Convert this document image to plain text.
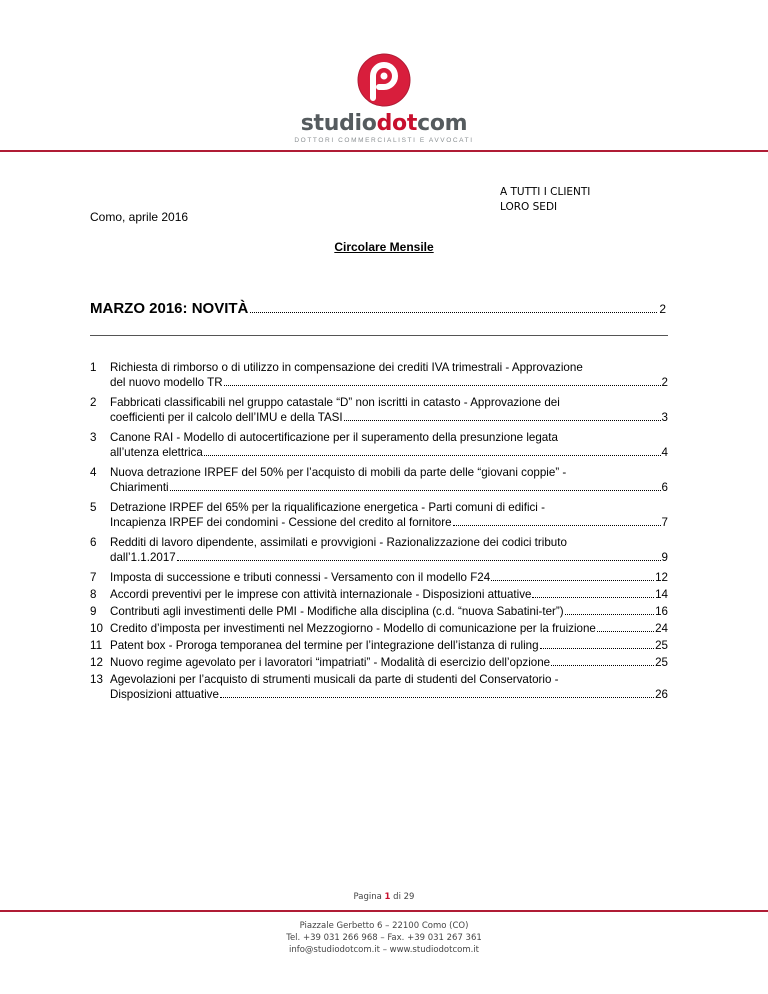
studiodotcom
DOTTORI COMMERCIALISTI E AVVOCATI
A TUTTI I CLIENTI
LORO SEDI
Como, aprile 2016
Circolare Mensile
MARZO 2016: NOVITÀ	2
1	Richiesta di rimborso o di utilizzo in compensazione dei crediti IVA trimestrali - Approvazione
del nuovo modello TR	2
2	Fabbricati classificabili nel gruppo catastale “D” non iscritti in catasto - Approvazione dei
coefficienti per il calcolo dell’IMU e della TASI	3
3	Canone RAI - Modello di autocertificazione per il superamento della presunzione legata
all’utenza elettrica	4
4	Nuova detrazione IRPEF del 50% per l’acquisto di mobili da parte delle “giovani coppie” -
Chiarimenti	6
5	Detrazione IRPEF del 65% per la riqualificazione energetica - Parti comuni di edifici -
Incapienza IRPEF dei condomini - Cessione del credito al fornitore	7
6	Redditi di lavoro dipendente, assimilati e provvigioni - Razionalizzazione dei codici tributo
dall’1.1.2017	9
7	Imposta di successione e tributi connessi - Versamento con il modello F24	12
8	Accordi preventivi per le imprese con attività internazionale - Disposizioni attuative	14
9	Contributi agli investimenti delle PMI - Modifiche alla disciplina (c.d. “nuova Sabatini-ter”)	16
10 Credito d’imposta per investimenti nel Mezzogiorno - Modello di comunicazione per la fruizione	24
11 Patent box - Proroga temporanea del termine per l’integrazione dell’istanza di ruling	25
12 Nuovo regime agevolato per i lavoratori “impatriati” - Modalità di esercizio dell’opzione	25
13 Agevolazioni per l’acquisto di strumenti musicali da parte di studenti del Conservatorio -
Disposizioni attuative	26
Pagina 1 di 29
Piazzale Gerbetto 6 – 22100 Como (CO)
Tel. +39 031 266 968 – Fax. +39 031 267 361
info@studiodotcom.it – www.studiodotcom.it
